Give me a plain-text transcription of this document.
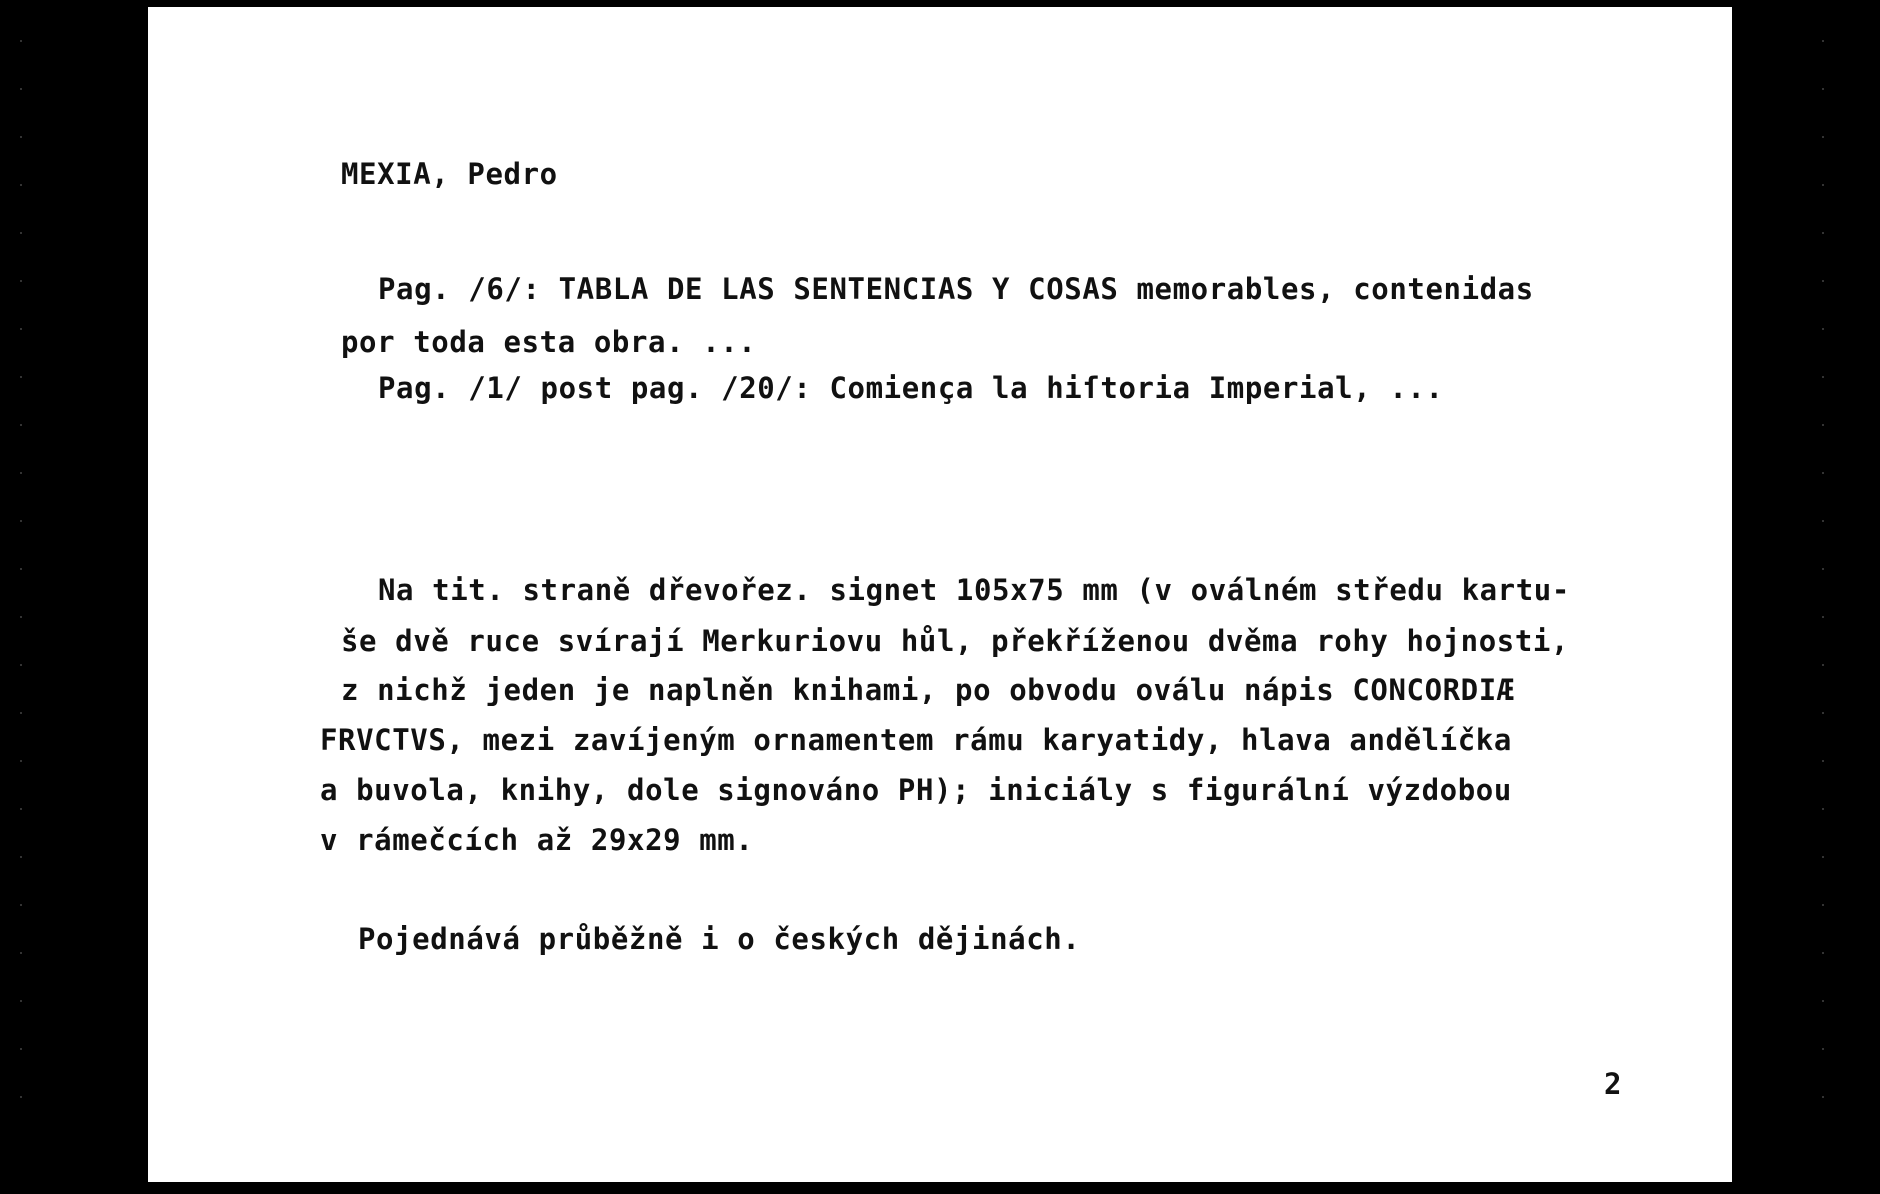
MEXIA, Pedro
Pag. /6/: TABLA DE LAS SENTENCIAS Y COSAS memorables, contenidas
por toda esta obra. ...
Pag. /1/ post pag. /20/: Comiença la hiſtoria Imperial, ...
Na tit. straně dřevořez. signet 105x75 mm (v oválném středu kartu-
še dvě ruce svírají Merkuriovu hůl, překříženou dvěma rohy hojnosti,
z nichž jeden je naplněn knihami, po obvodu oválu nápis CONCORDIÆ
FRVCTVS, mezi zavíjeným ornamentem rámu karyatidy, hlava andělíčka
a buvola, knihy, dole signováno PH); iniciály s figurální výzdobou
v rámečcích až 29x29 mm.
Pojednává průběžně i o českých dějinách.
2
